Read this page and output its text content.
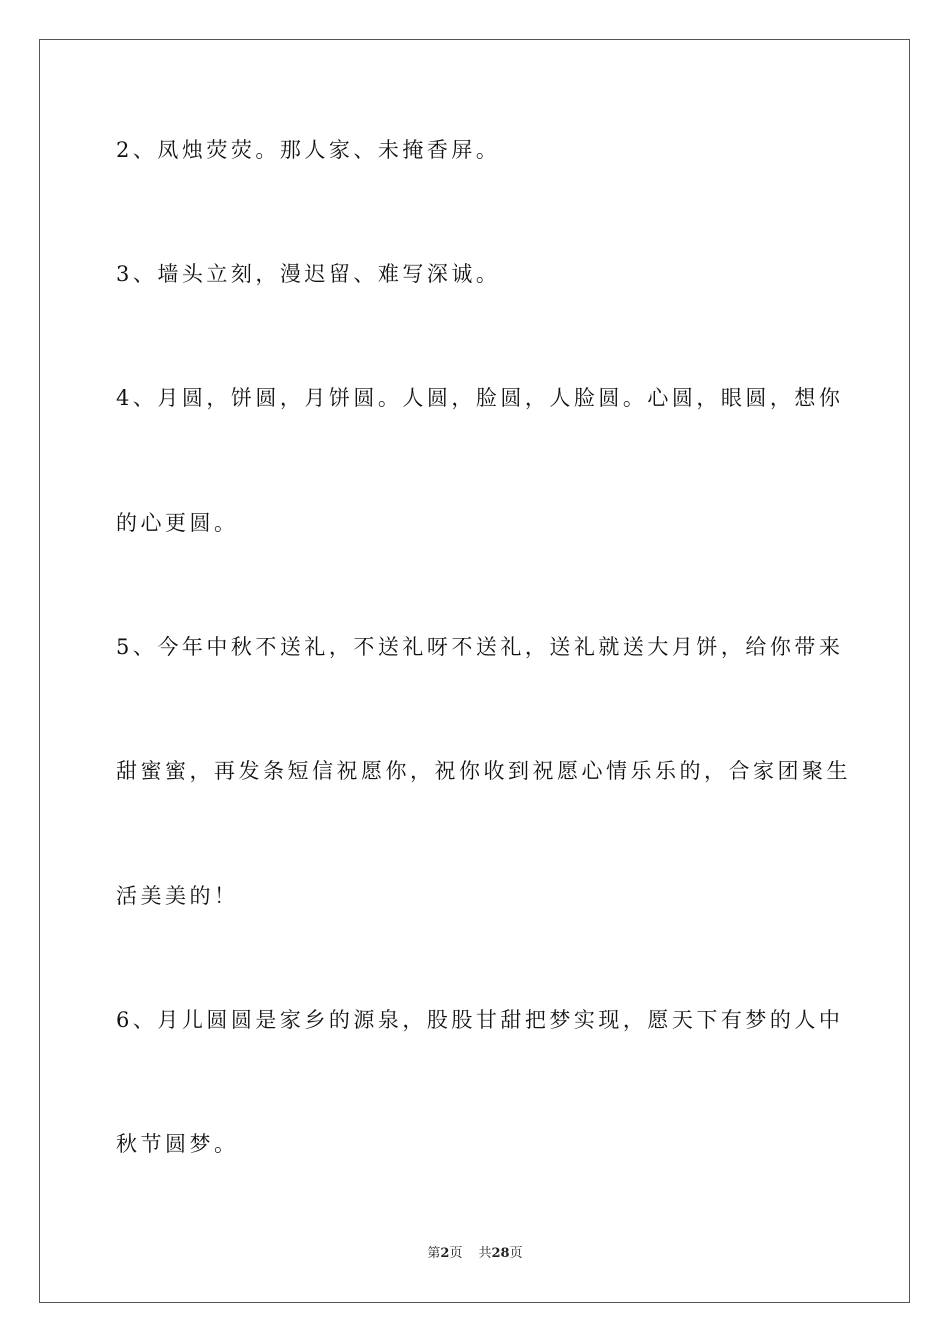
2、凤烛荧荧。那人家、未掩香屏。
3、墙头立刻，漫迟留、难写深诚。
4、月圆，饼圆，月饼圆。人圆，脸圆，人脸圆。心圆，眼圆，想你
的心更圆。
5、今年中秋不送礼，不送礼呀不送礼，送礼就送大月饼，给你带来
甜蜜蜜，再发条短信祝愿你，祝你收到祝愿心情乐乐的，合家团聚生
活美美的！
6、月儿圆圆是家乡的源泉，股股甘甜把梦实现，愿天下有梦的人中
秋节圆梦。
第2页 共28页
